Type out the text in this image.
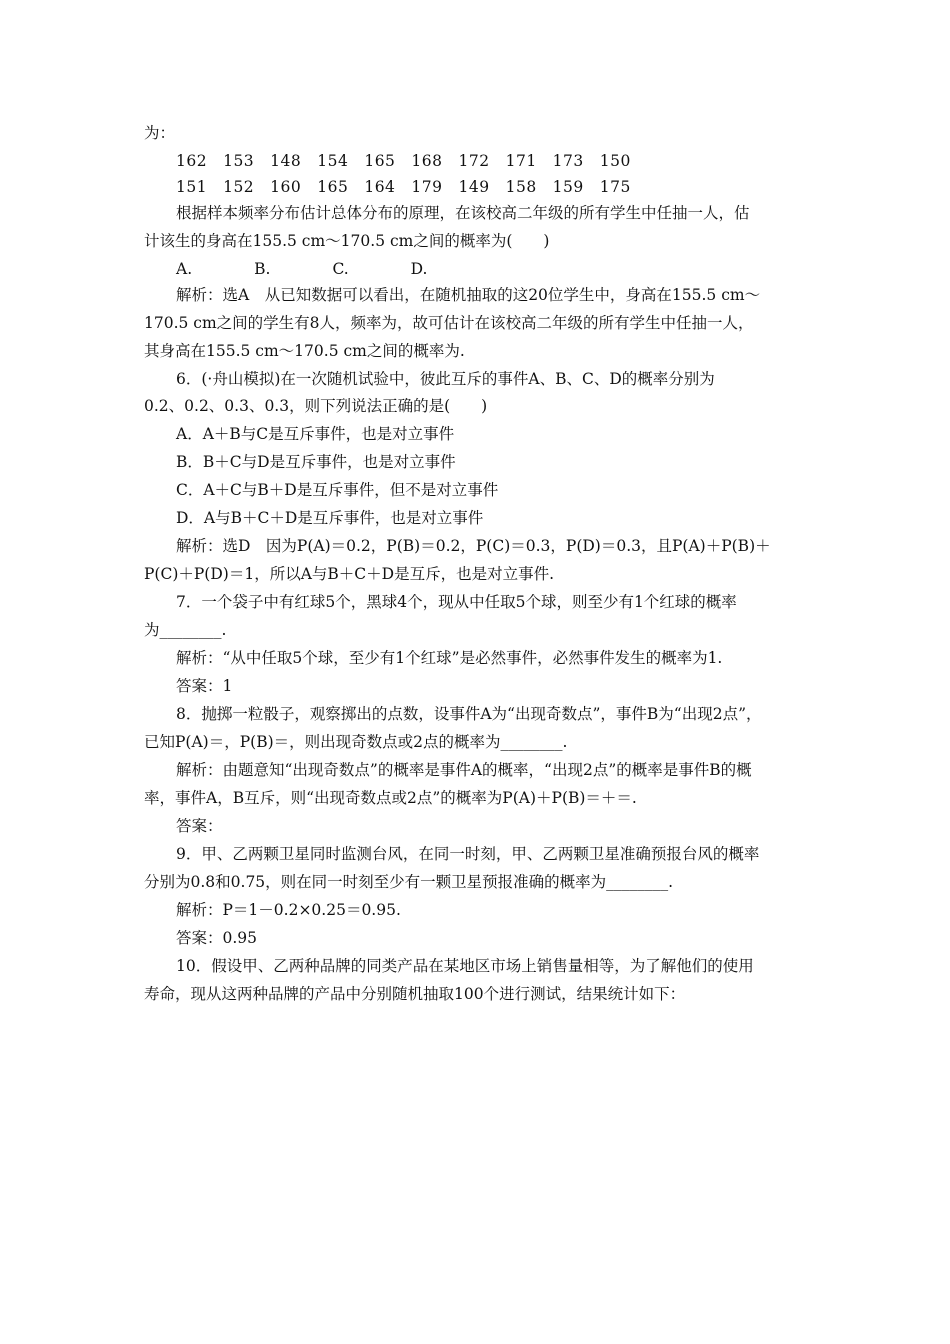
为：
162　153　148　154　165　168　172　171　173　150
151　152　160　165　164　179　149　158　159　175
根据样本频率分布估计总体分布的原理，在该校高二年级的所有学生中任抽一人，估
计该生的身高在155.5 cm～170.5 cm之间的概率为(　　)
A.　　　　B.　　　　C.　　　　D.
解析：选A　从已知数据可以看出，在随机抽取的这20位学生中，身高在155.5 cm～
170.5 cm之间的学生有8人，频率为，故可估计在该校高二年级的所有学生中任抽一人，
其身高在155.5 cm～170.5 cm之间的概率为.
6．(·舟山模拟)在一次随机试验中，彼此互斥的事件A、B、C、D的概率分别为
0.2、0.2、0.3、0.3，则下列说法正确的是(　　)
A．A＋B与C是互斥事件，也是对立事件
B．B＋C与D是互斥事件，也是对立事件
C．A＋C与B＋D是互斥事件，但不是对立事件
D．A与B＋C＋D是互斥事件，也是对立事件
解析：选D　因为P(A)＝0.2，P(B)＝0.2，P(C)＝0.3，P(D)＝0.3，且P(A)＋P(B)＋
P(C)＋P(D)＝1，所以A与B＋C＋D是互斥，也是对立事件.
7．一个袋子中有红球5个，黑球4个，现从中任取5个球，则至少有1个红球的概率
为________.
解析：“从中任取5个球，至少有1个红球”是必然事件，必然事件发生的概率为1.
答案：1
8．抛掷一粒骰子，观察掷出的点数，设事件A为“出现奇数点”，事件B为“出现2点”，
已知P(A)＝，P(B)＝，则出现奇数点或2点的概率为________.
解析：由题意知“出现奇数点”的概率是事件A的概率，“出现2点”的概率是事件B的概
率，事件A，B互斥，则“出现奇数点或2点”的概率为P(A)＋P(B)＝＋＝.
答案：
9．甲、乙两颗卫星同时监测台风，在同一时刻，甲、乙两颗卫星准确预报台风的概率
分别为0.8和0.75，则在同一时刻至少有一颗卫星预报准确的概率为________.
解析：P＝1－0.2×0.25＝0.95.
答案：0.95
10．假设甲、乙两种品牌的同类产品在某地区市场上销售量相等，为了解他们的使用
寿命，现从这两种品牌的产品中分别随机抽取100个进行测试，结果统计如下：
